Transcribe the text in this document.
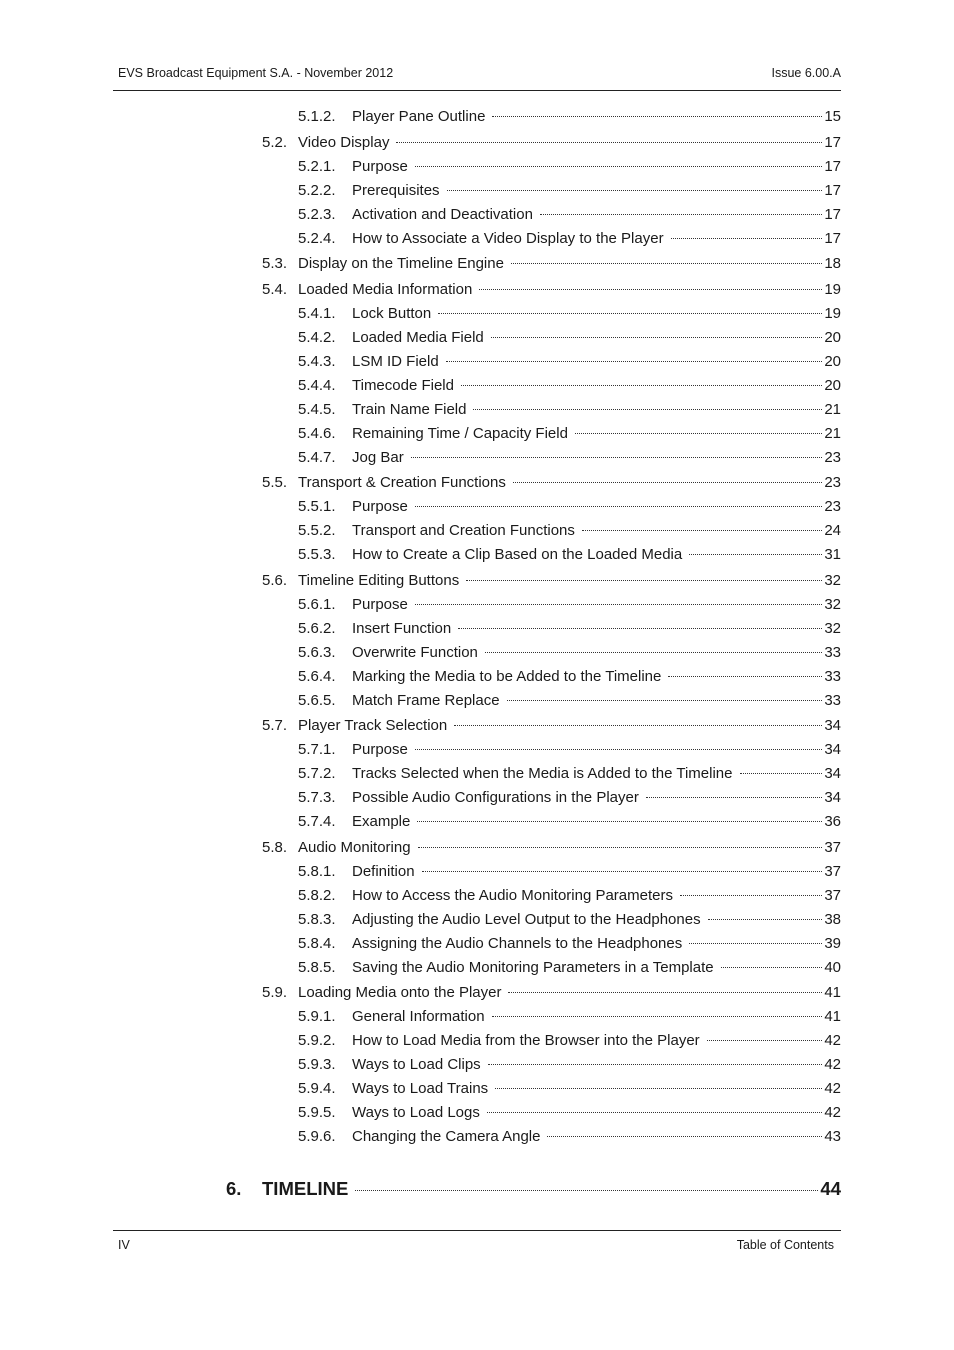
EVS Broadcast Equipment S.A. - November 2012	Issue 6.00.A
5.1.2. Player Pane Outline	15
5.2. Video Display	17
5.2.1. Purpose	17
5.2.2. Prerequisites	17
5.2.3. Activation and Deactivation	17
5.2.4. How to Associate a Video Display to the Player	17
5.3. Display on the Timeline Engine	18
5.4. Loaded Media Information	19
5.4.1. Lock Button	19
5.4.2. Loaded Media Field	20
5.4.3. LSM ID Field	20
5.4.4. Timecode Field	20
5.4.5. Train Name Field	21
5.4.6. Remaining Time / Capacity Field	21
5.4.7. Jog Bar	23
5.5. Transport & Creation Functions	23
5.5.1. Purpose	23
5.5.2. Transport and Creation Functions	24
5.5.3. How to Create a Clip Based on the Loaded Media	31
5.6. Timeline Editing Buttons	32
5.6.1. Purpose	32
5.6.2. Insert Function	32
5.6.3. Overwrite Function	33
5.6.4. Marking the Media to be Added to the Timeline	33
5.6.5. Match Frame Replace	33
5.7. Player Track Selection	34
5.7.1. Purpose	34
5.7.2. Tracks Selected when the Media is Added to the Timeline	34
5.7.3. Possible Audio Configurations in the Player	34
5.7.4. Example	36
5.8. Audio Monitoring	37
5.8.1. Definition	37
5.8.2. How to Access the Audio Monitoring Parameters	37
5.8.3. Adjusting the Audio Level Output to the Headphones	38
5.8.4. Assigning the Audio Channels to the Headphones	39
5.8.5. Saving the Audio Monitoring Parameters in a Template	40
5.9. Loading Media onto the Player	41
5.9.1. General Information	41
5.9.2. How to Load Media from the Browser into the Player	42
5.9.3. Ways to Load Clips	42
5.9.4. Ways to Load Trains	42
5.9.5. Ways to Load Logs	42
5.9.6. Changing the Camera Angle	43
6. TIMELINE	44
IV	Table of Contents
